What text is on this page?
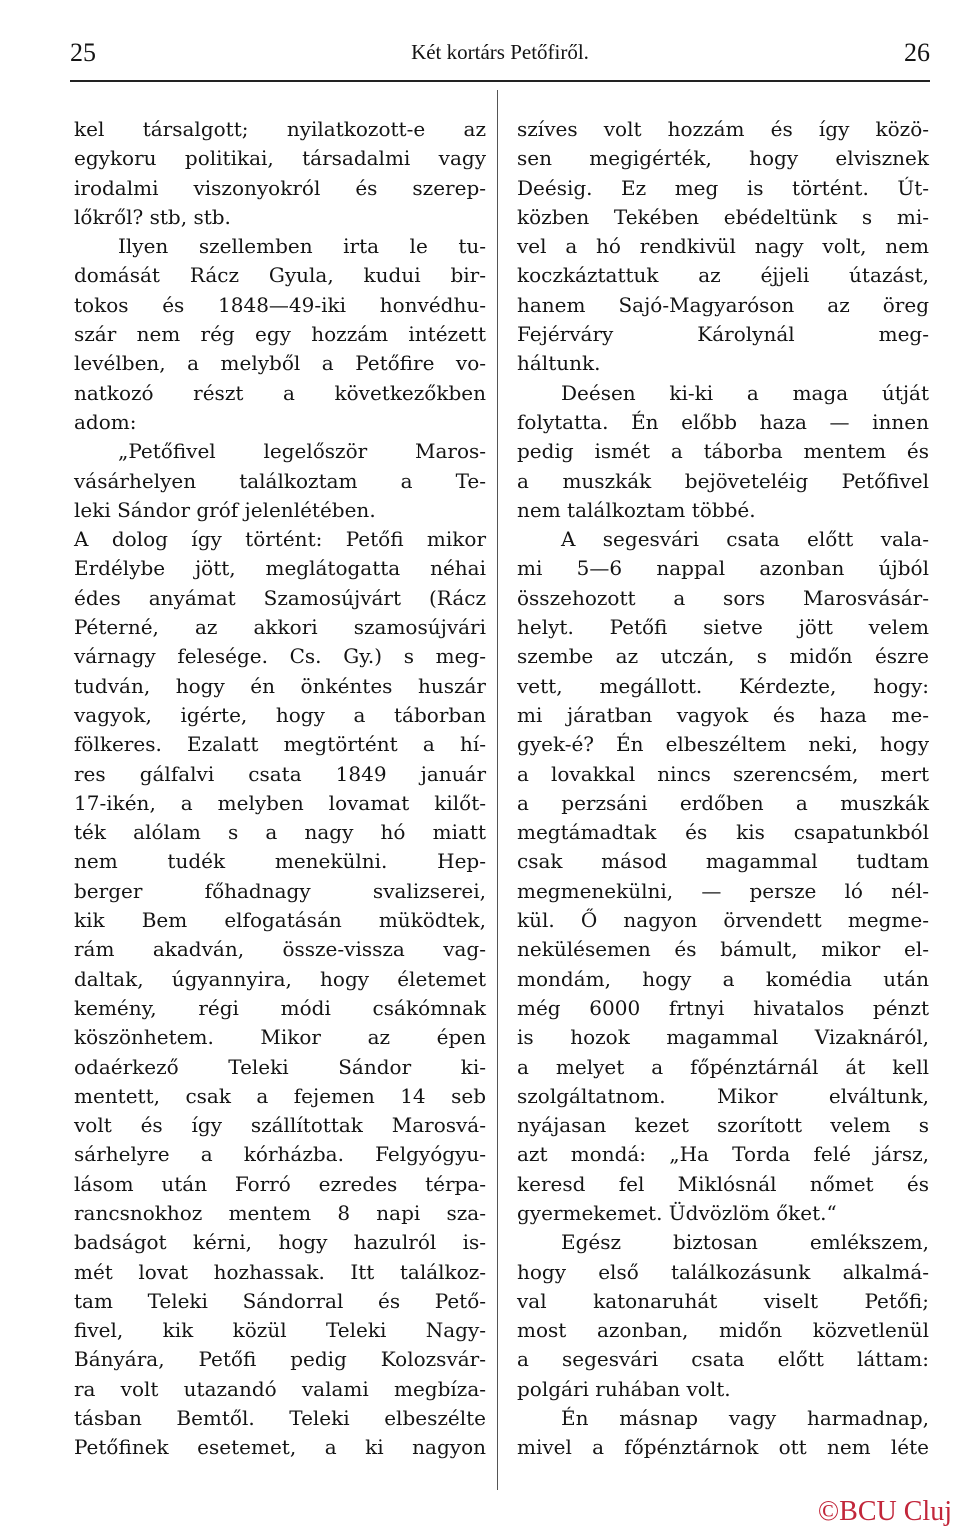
25	Két kortárs Petőfiről.	26
kel társalgott; nyilatkozott-e az
egykoru politikai, társadalmi vagy
irodalmi viszonyokról és szerep-
lőkről? stb, stb.
Ilyen szellemben irta le tu-
domását Rácz Gyula, kudui bir-
tokos és 1848—49-iki honvédhu-
szár nem rég egy hozzám intézett
levélben, a melyből a Petőfire vo-
natkozó részt a következőkben
adom:
„Petőfivel legelőször Maros-
vásárhelyen találkoztam a Te-
leki Sándor gróf jelenlétében.
A dolog így történt: Petőfi mikor
Erdélybe jött, meglátogatta néhai
édes anyámat Szamosújvárt (Rácz
Péterné, az akkori szamosújvári
várnagy felesége. Cs. Gy.) s meg-
tudván, hogy én önkéntes huszár
vagyok, igérte, hogy a táborban
fölkeres. Ezalatt megtörtént a hí-
res gálfalvi csata 1849 január
17-ikén, a melyben lovamat kilőt-
ték alólam s a nagy hó miatt
nem tudék menekülni. Hep-
berger főhadnagy svalizserei,
kik Bem elfogatásán müködtek,
rám akadván, össze-vissza vag-
daltak, úgyannyira, hogy életemet
kemény, régi módi csákómnak
köszönhetem. Mikor az épen
odaérkező Teleki Sándor ki-
mentett, csak a fejemen 14 seb
volt és így szállítottak Marosvá-
sárhelyre a kórházba. Felgyógyu-
lásom után Forró ezredes térpa-
rancsnokhoz mentem 8 napi sza-
badságot kérni, hogy hazulról is-
mét lovat hozhassak. Itt találkoz-
tam Teleki Sándorral és Pető-
fivel, kik közül Teleki Nagy-
Bányára, Petőfi pedig Kolozsvár-
ra volt utazandó valami megbíza-
tásban Bemtől. Teleki elbeszélte
Petőfinek esetemet, a ki nagyon
szíves volt hozzám és így közö-
sen megigérték, hogy elvisznek
Deésig. Ez meg is történt. Út-
közben Tekében ebédeltünk s mi-
vel a hó rendkivül nagy volt, nem
koczkáztattuk az éjjeli útazást,
hanem Sajó-Magyaróson az öreg
Fejérváry Károlynál meg-
háltunk.
Deésen ki-ki a maga útját
folytatta. Én előbb haza — innen
pedig ismét a táborba mentem és
a muszkák bejöveteléig Petőfivel
nem találkoztam többé.
A segesvári csata előtt vala-
mi 5—6 nappal azonban újból
összehozott a sors Marosvásár-
helyt. Petőfi sietve jött velem
szembe az utczán, s midőn észre
vett, megállott. Kérdezte, hogy:
mi járatban vagyok és haza me-
gyek-é? Én elbeszéltem neki, hogy
a lovakkal nincs szerencsém, mert
a perzsáni erdőben a muszkák
megtámadtak és kis csapatunkból
csak másod magammal tudtam
megmenekülni, — persze ló nél-
kül. Ő nagyon örvendett megme-
nekülésemen és bámult, mikor el-
mondám, hogy a komédia után
még 6000 frtnyi hivatalos pénzt
is hozok magammal Vizaknáról,
a melyet a főpénztárnál át kell
szolgáltatnom. Mikor elváltunk,
nyájasan kezet szorított velem s
azt mondá: „Ha Torda felé jársz,
keresd fel Miklósnál nőmet és
gyermekemet. Üdvözlöm őket.“
Egész biztosan emlékszem,
hogy első találkozásunk alkalmá-
val katonaruhát viselt Petőfi;
most azonban, midőn közvetlenül
a segesvári csata előtt láttam:
polgári ruhában volt.
Én másnap vagy harmadnap,
mivel a főpénztárnok ott nem léte
©BCU Cluj
